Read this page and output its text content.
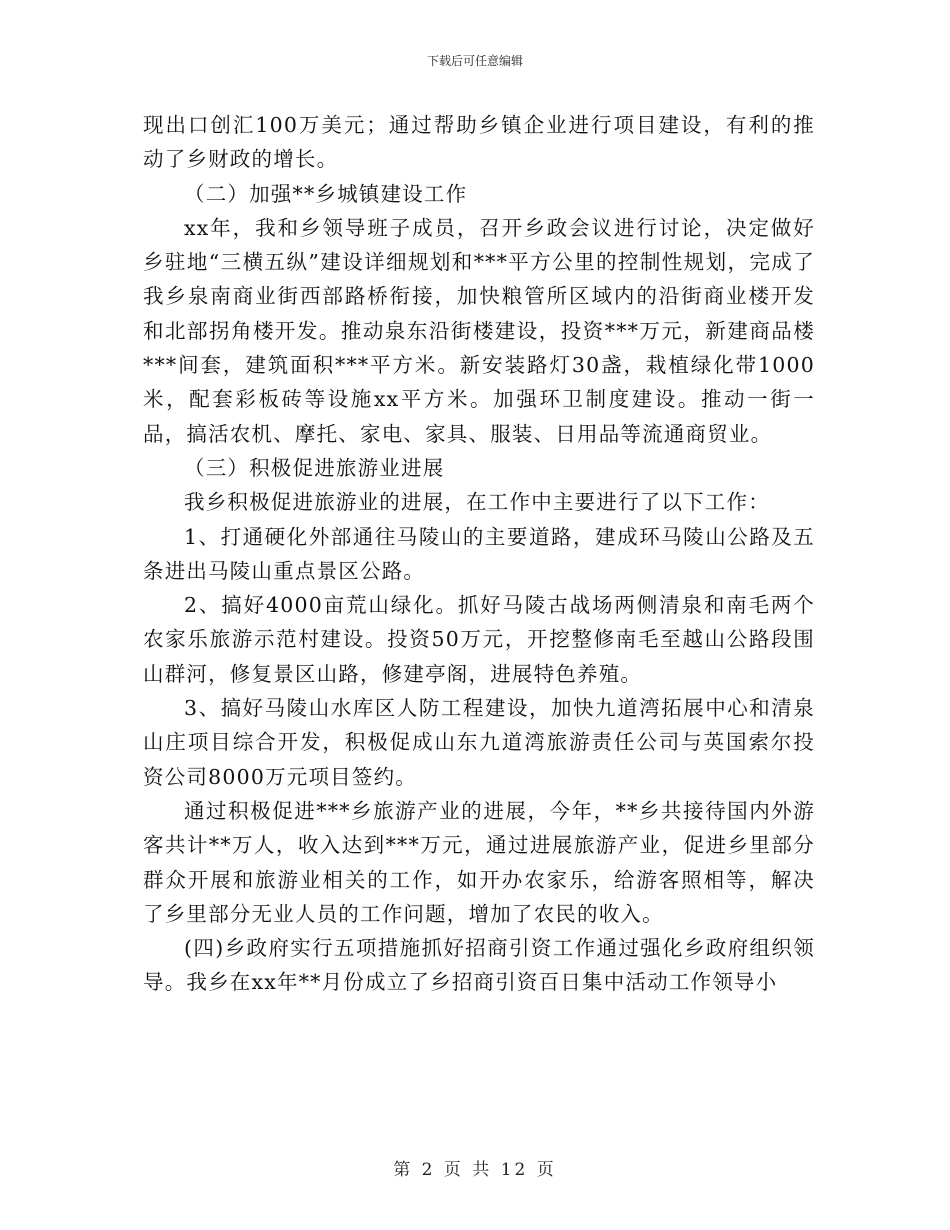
下载后可任意编辑

现出口创汇100万美元；通过帮助乡镇企业进行项目建设，有利的推动了乡财政的增长。

（二）加强**乡城镇建设工作

xx年，我和乡领导班子成员，召开乡政会议进行讨论，决定做好乡驻地“三横五纵”建设详细规划和***平方公里的控制性规划，完成了我乡泉南商业街西部路桥衔接，加快粮管所区域内的沿街商业楼开发和北部拐角楼开发。推动泉东沿街楼建设，投资***万元，新建商品楼***间套，建筑面积***平方米。新安装路灯30盏，栽植绿化带1000米，配套彩板砖等设施xx平方米。加强环卫制度建设。推动一街一品，搞活农机、摩托、家电、家具、服装、日用品等流通商贸业。

（三）积极促进旅游业进展

我乡积极促进旅游业的进展，在工作中主要进行了以下工作：

1、打通硬化外部通往马陵山的主要道路，建成环马陵山公路及五条进出马陵山重点景区公路。

2、搞好4000亩荒山绿化。抓好马陵古战场两侧清泉和南毛两个农家乐旅游示范村建设。投资50万元，开挖整修南毛至越山公路段围山群河，修复景区山路，修建亭阁，进展特色养殖。

3、搞好马陵山水库区人防工程建设，加快九道湾拓展中心和清泉山庄项目综合开发，积极促成山东九道湾旅游责任公司与英国索尔投资公司8000万元项目签约。

通过积极促进***乡旅游产业的进展，今年，**乡共接待国内外游客共计**万人，收入达到***万元，通过进展旅游产业，促进乡里部分群众开展和旅游业相关的工作，如开办农家乐，给游客照相等，解决了乡里部分无业人员的工作问题，增加了农民的收入。

(四)乡政府实行五项措施抓好招商引资工作通过强化乡政府组织领导。我乡在xx年**月份成立了乡招商引资百日集中活动工作领导小

第 2 页 共 12 页
